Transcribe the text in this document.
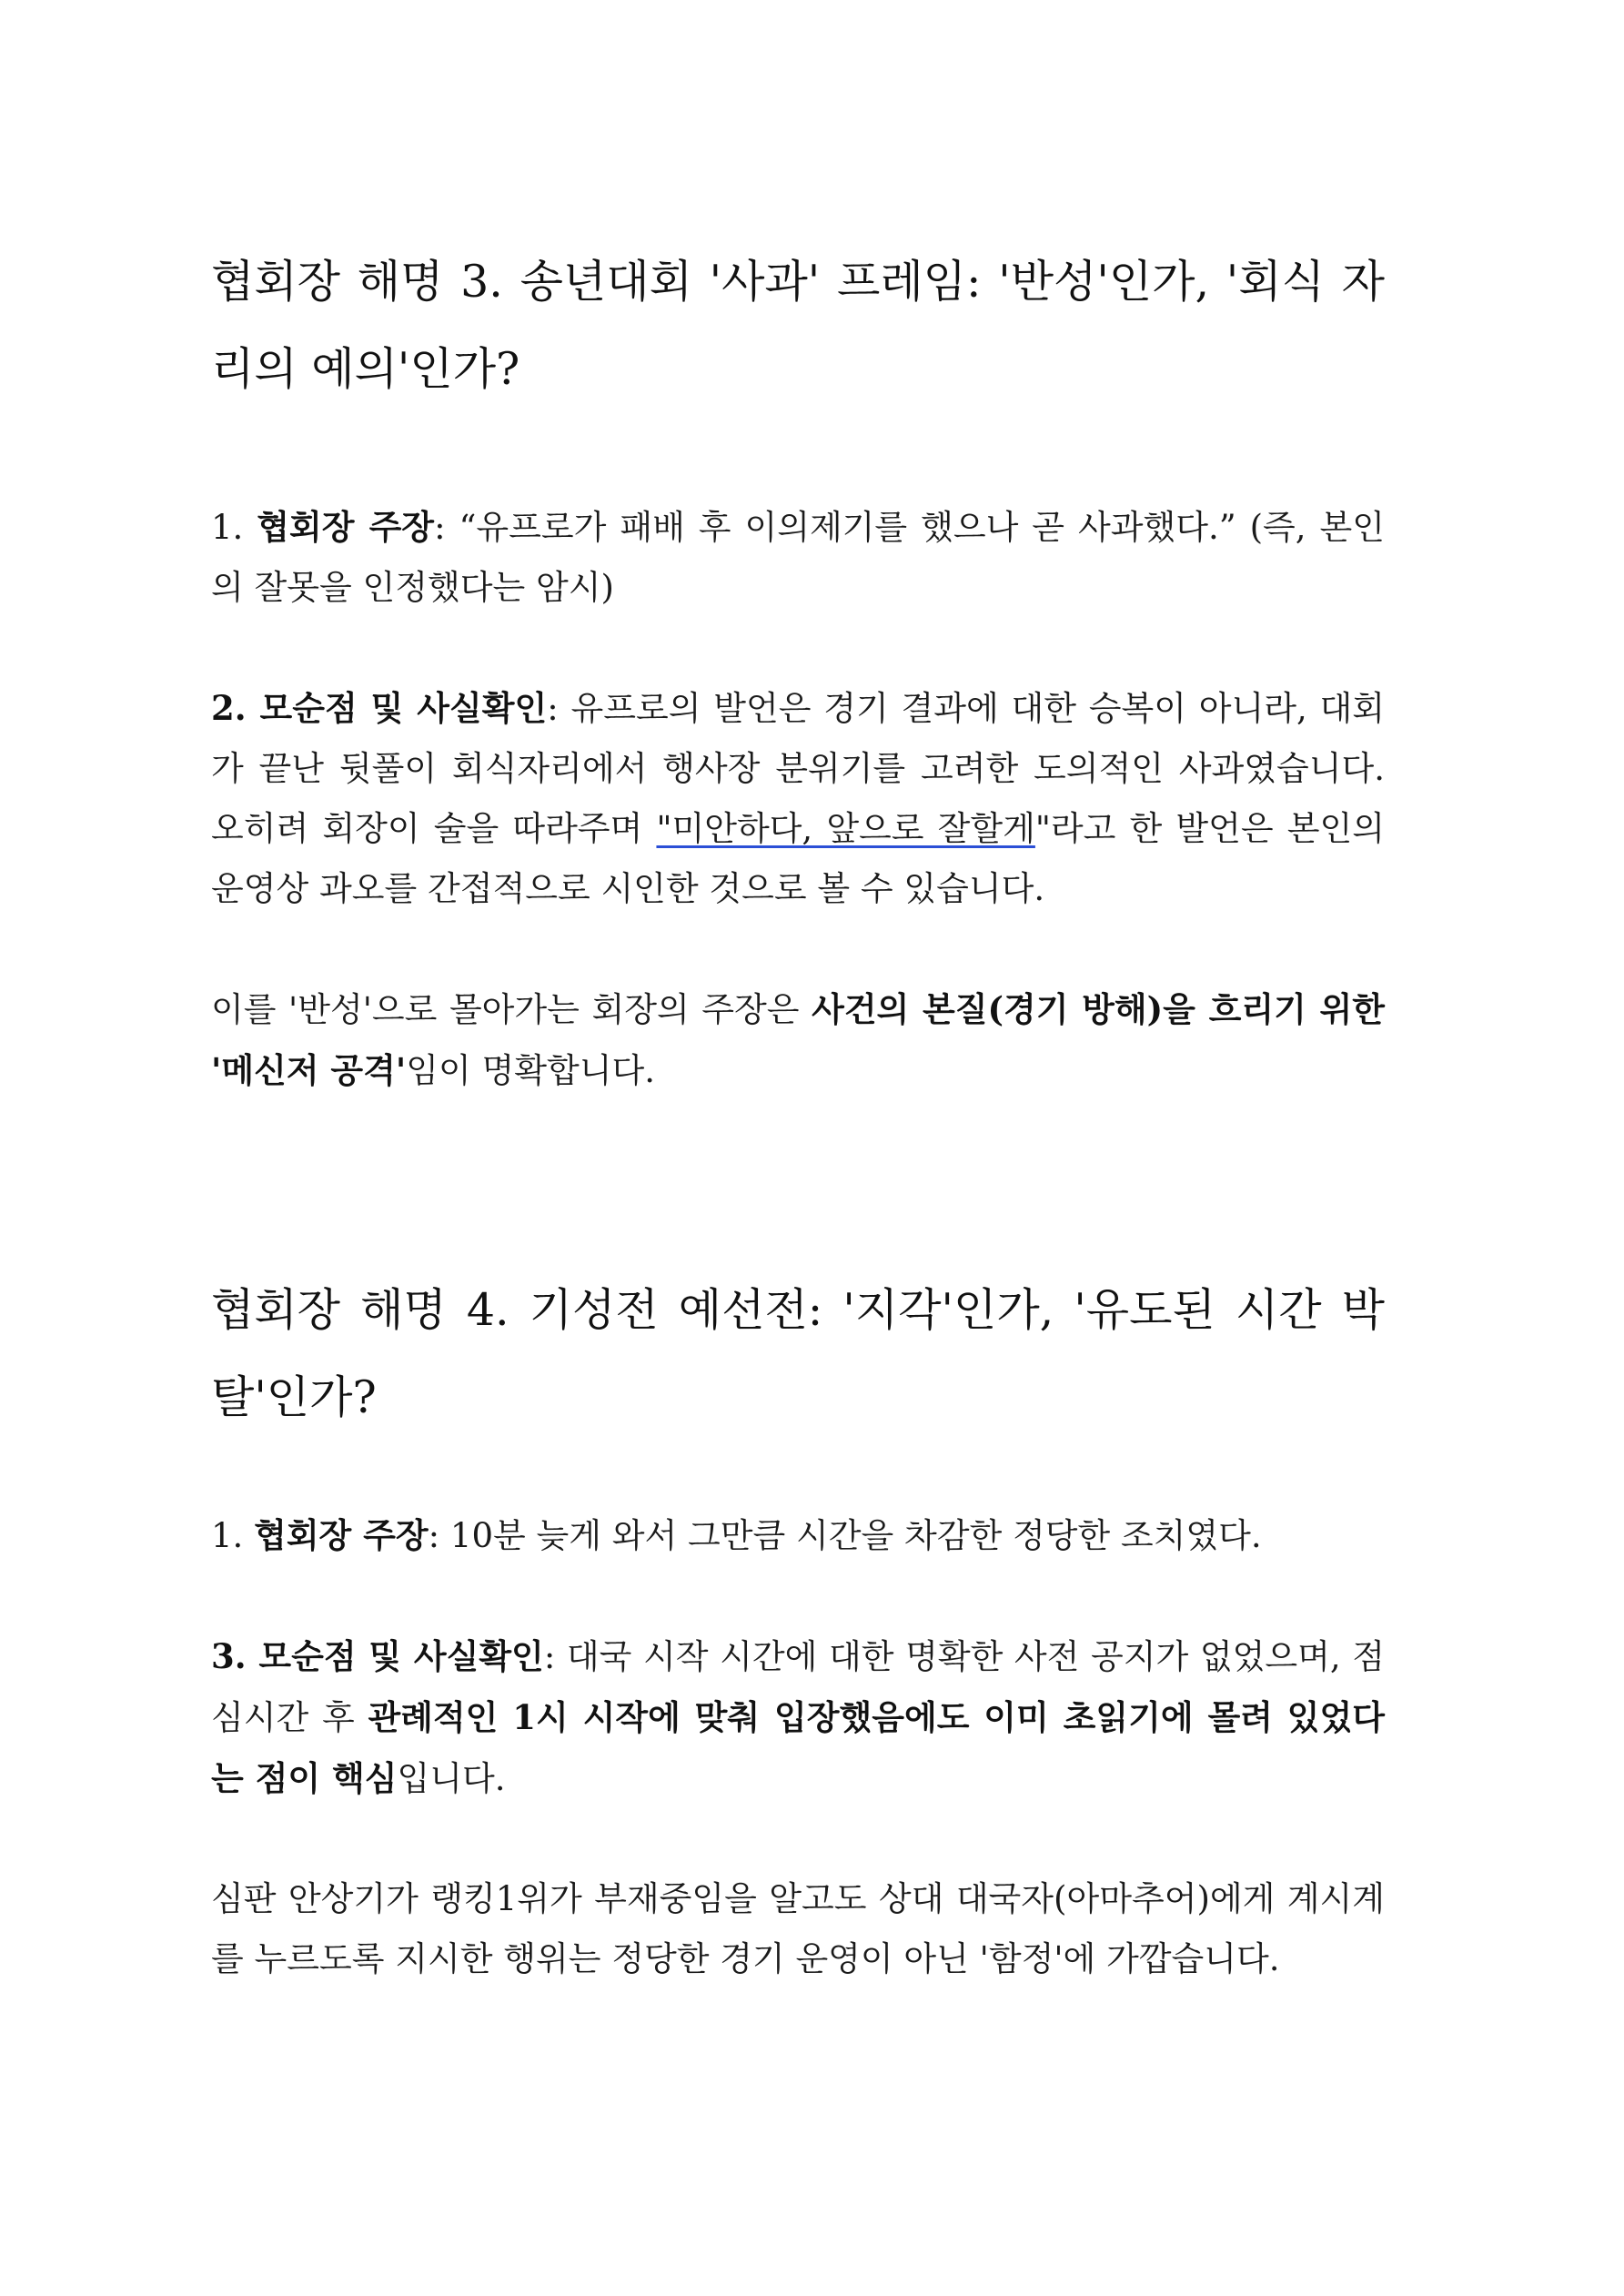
협회장 해명 3. 송년대회 '사과' 프레임: '반성'인가, '회식 자리의 예의'인가?

1. 협회장 주장: “유프로가 패배 후 이의제기를 했으나 곧 사과했다.” (즉, 본인의 잘못을 인정했다는 암시)

2. 모순점 및 사실확인: 유프로의 발언은 경기 결과에 대한 승복이 아니라, 대회가 끝난 뒷풀이 회식자리에서 행사장 분위기를 고려한 도의적인 사과였습니다. 오히려 회장이 술을 따라주며 "미안하다, 앞으로 잘할게"라고 한 발언은 본인의 운영상 과오를 간접적으로 시인한 것으로 볼 수 있습니다.

이를 '반성'으로 몰아가는 회장의 주장은 사건의 본질(경기 방해)을 흐리기 위한 '메신저 공격'임이 명확합니다.

협회장 해명 4. 기성전 예선전: '지각'인가, '유도된 시간 박탈'인가?

1. 협회장 주장: 10분 늦게 와서 그만큼 시간을 차감한 정당한 조치였다.

3. 모순점 및 사실확인: 대국 시작 시간에 대한 명확한 사전 공지가 없었으며, 점심시간 후 관례적인 1시 시작에 맞춰 입장했음에도 이미 초읽기에 몰려 있었다는 점이 핵심입니다.

심판 안상기가 랭킹1위가 부재중임을 알고도 상대 대국자(아마추어)에게 계시계를 누르도록 지시한 행위는 정당한 경기 운영이 아닌 '함정'에 가깝습니다.
